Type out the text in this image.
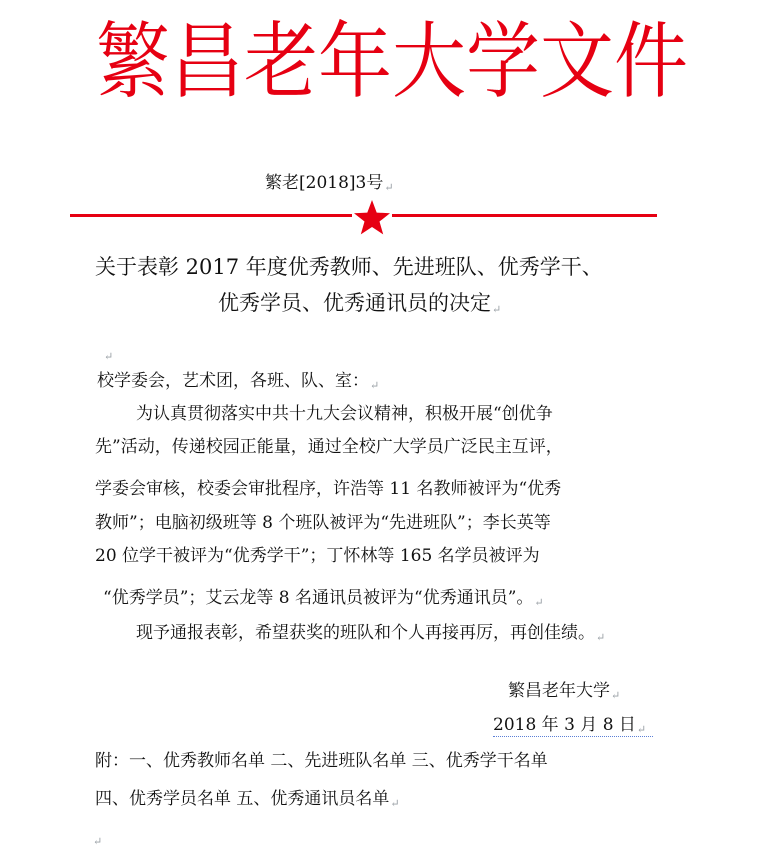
繁昌老年大学文件
繁老[2018]3号↵
关于表彰 2017 年度优秀教师、先进班队、优秀学干、
优秀学员、优秀通讯员的决定↵
↵
校学委会，艺术团，各班、队、室：↵
为认真贯彻落实中共十九大会议精神，积极开展“创优争
先”活动，传递校园正能量，通过全校广大学员广泛民主互评，
学委会审核，校委会审批程序，许浩等 11 名教师被评为“优秀
教师”；电脑初级班等 8 个班队被评为“先进班队”；李长英等
20 位学干被评为“优秀学干”；丁怀林等 165 名学员被评为
“优秀学员”；艾云龙等 8 名通讯员被评为“优秀通讯员”。↵
现予通报表彰，希望获奖的班队和个人再接再厉，再创佳绩。↵
繁昌老年大学↵
2018 年 3 月 8 日↵
附：一、优秀教师名单 二、先进班队名单 三、优秀学干名单
四、优秀学员名单 五、优秀通讯员名单↵
↵
